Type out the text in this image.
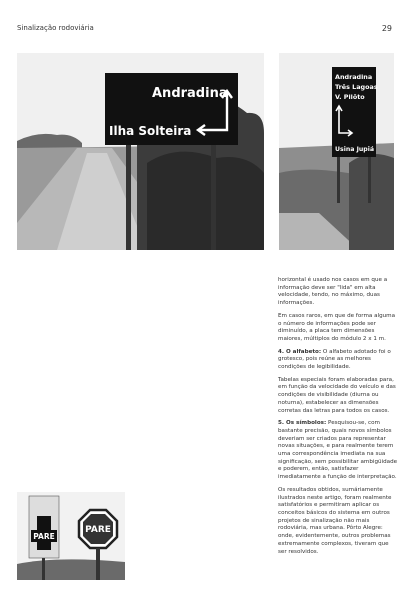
Sinalização rodoviária	29
Andradina
Ilha Solteira
Andradina
Três Lagoas
V. Pilôto
Usina Jupiá
PARE
PARE

horizontal é usado nos casos em que a informação deve ser "lida" em alta velocidade, tendo, no máximo, duas informações.

Em casos raros, em que de forma alguma o número de informações pode ser diminuído, a placa tem dimensões maiores, múltiplos do módulo 2 x 1 m.

4. O alfabeto: O alfabeto adotado foi o grotesco, pois reúne as melhores condições de legibilidade.

Tabelas especiais foram elaboradas para, em função da velocidade do veículo e das condições de visibilidade (diurna ou noturna), estabelecer as dimensões corretas das letras para todos os casos.

5. Os símbolos: Pesquisou-se, com bastante precisão, quais novos símbolos deveriam ser criados para representar novas situações, e para realmente terem uma correspondência imediata na sua significação, sem possibilitar ambigüidade e poderem, então, satisfazer imediatamente a função de interpretação.

Os resultados obtidos, sumáriamente ilustrados neste artigo, foram realmente satisfatórios e permitiram aplicar os conceitos básicos do sistema em outros projetos de sinalização não mais rodoviária, mas urbana. Pôrto Alegre: onde, evidentemente, outros problemas extremamente complexos, tiveram que ser resolvidos.
